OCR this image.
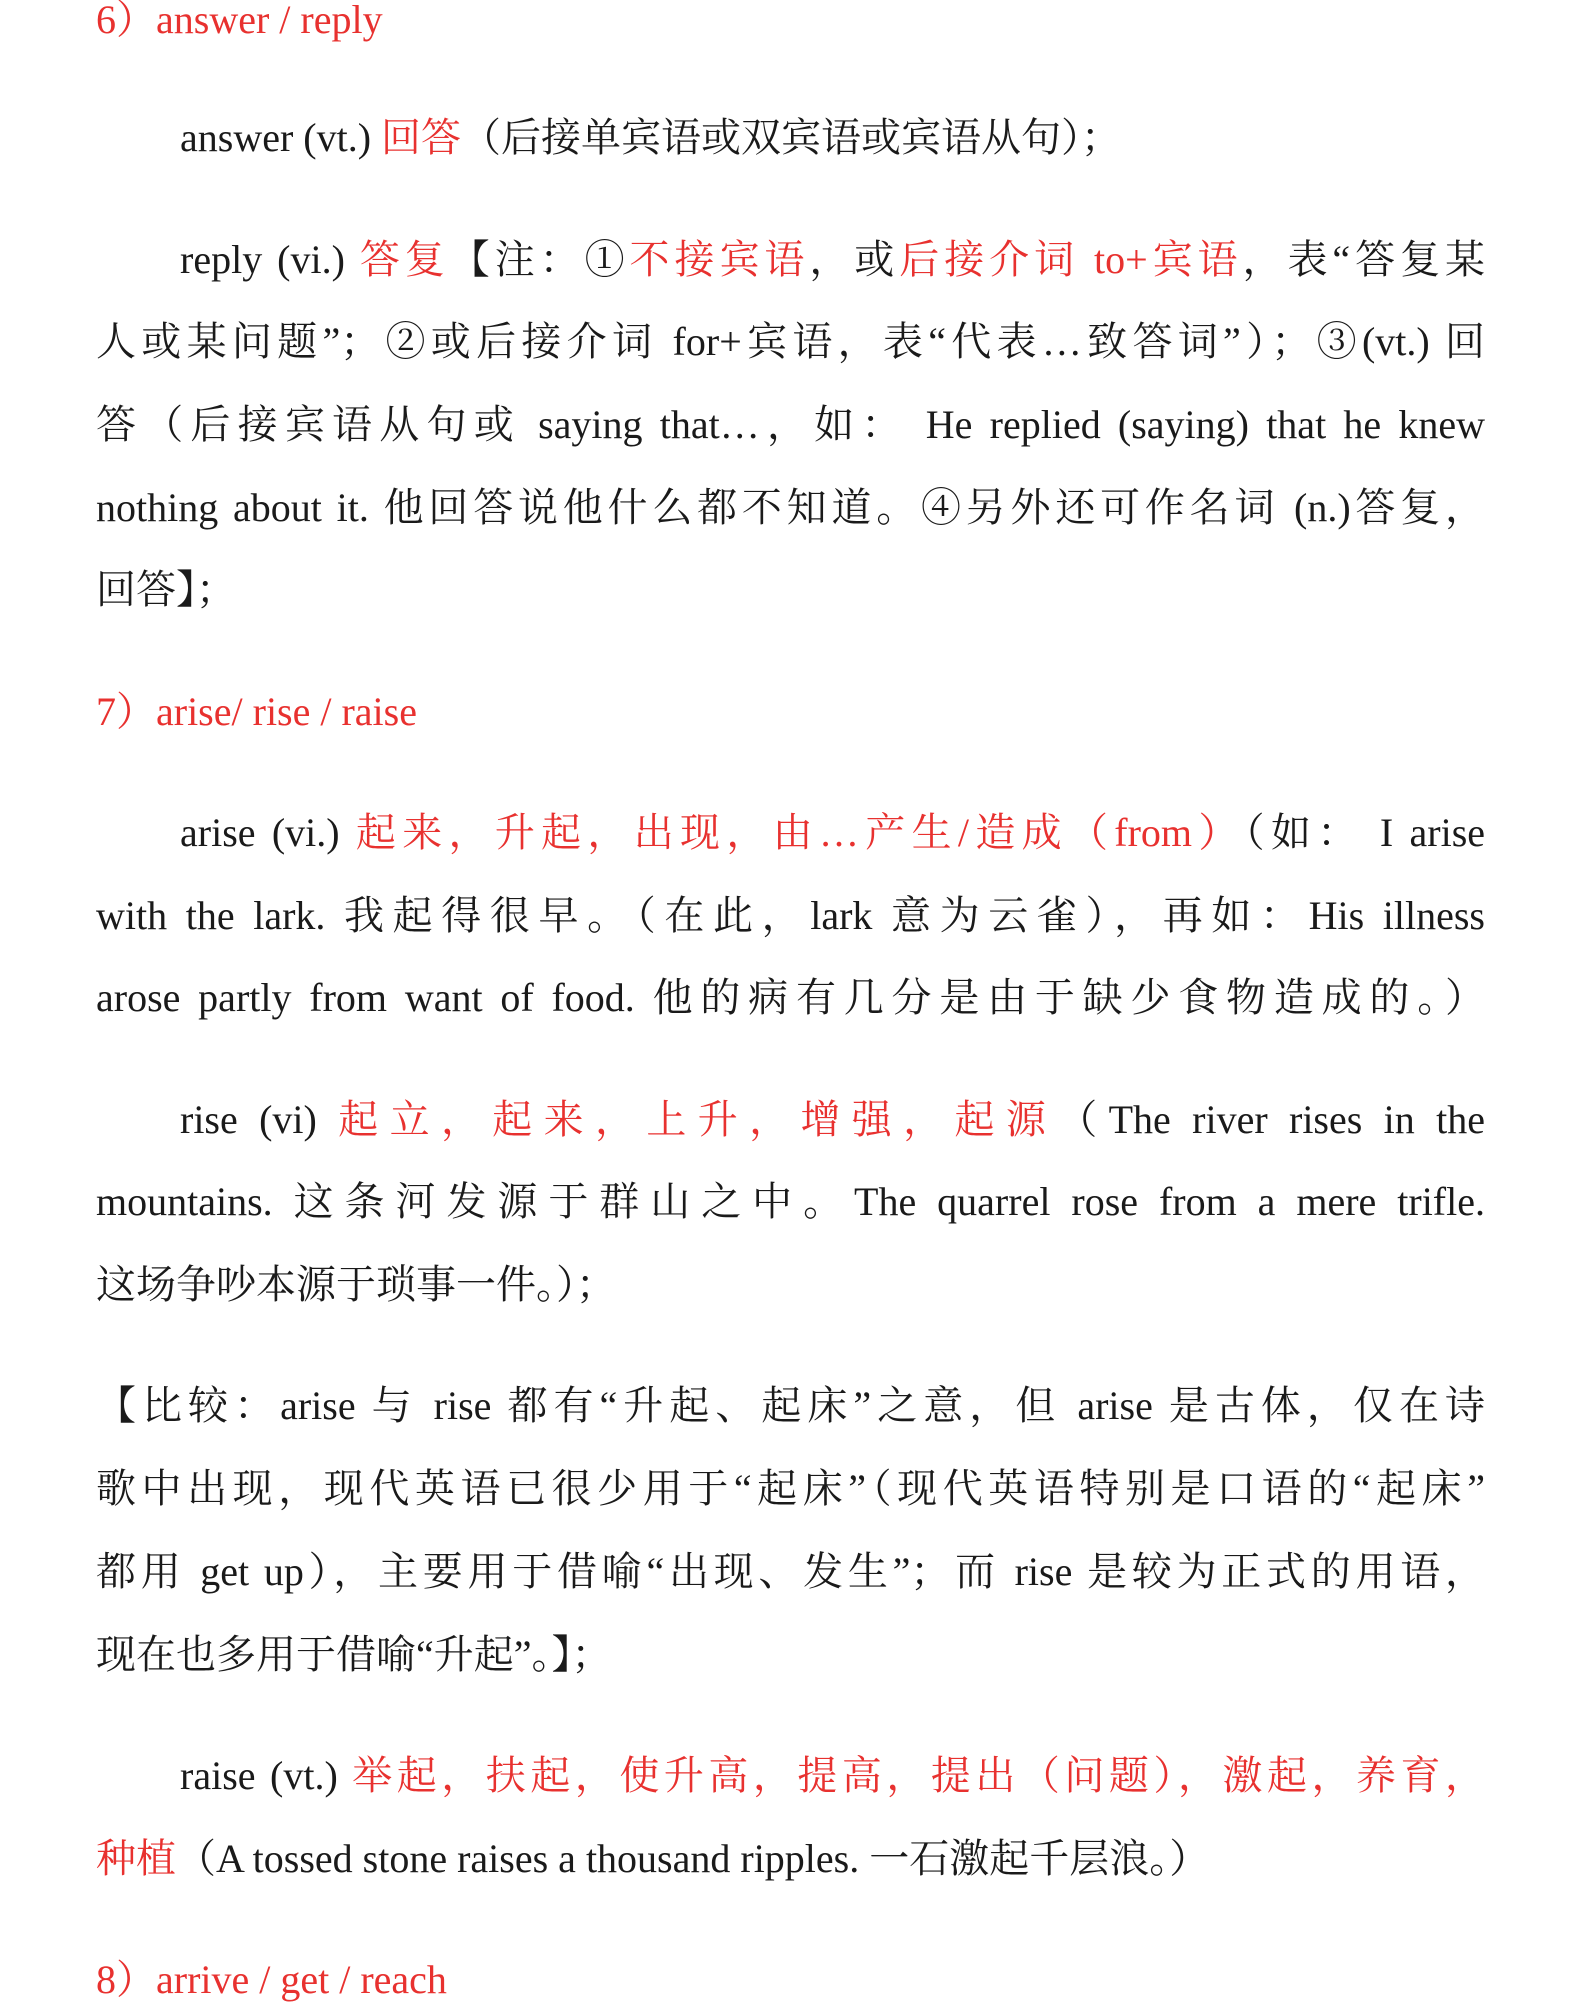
6）answer / reply
answer (vt.) 回答（后接单宾语或双宾语或宾语从句）；
reply (vi.) 答复【注：①不接宾语，或后接介词 to+宾语，表“答复某
人或某问题”；②或后接介词 for+宾语，表“代表…致答词”）；③(vt.) 回
答（后接宾语从句或 saying that…，如： He replied (saying) that he knew
nothing about it. 他回答说他什么都不知道。④另外还可作名词 (n.)答复，
回答】；
7）arise/ rise / raise
arise (vi.) 起来，升起，出现，由…产生/造成（from）（如： I arise
with the lark. 我起得很早。（在此，lark 意为云雀），再如：His illness
arose partly from want of food. 他的病有几分是由于缺少食物造成的。）
rise (vi) 起立，起来，上升，增强，起源（The river rises in the
mountains. 这条河发源于群山之中。The quarrel rose from a mere trifle.
这场争吵本源于琐事一件。）；
【比较：arise 与 rise 都有“升起、起床”之意，但 arise 是古体，仅在诗
歌中出现，现代英语已很少用于“起床”（现代英语特别是口语的“起床”
都用 get up），主要用于借喻“出现、发生”；而 rise 是较为正式的用语，
现在也多用于借喻“升起”。】；
raise (vt.) 举起，扶起，使升高，提高，提出（问题），激起，养育，
种植（A tossed stone raises a thousand ripples. 一石激起千层浪。）
8）arrive / get / reach
